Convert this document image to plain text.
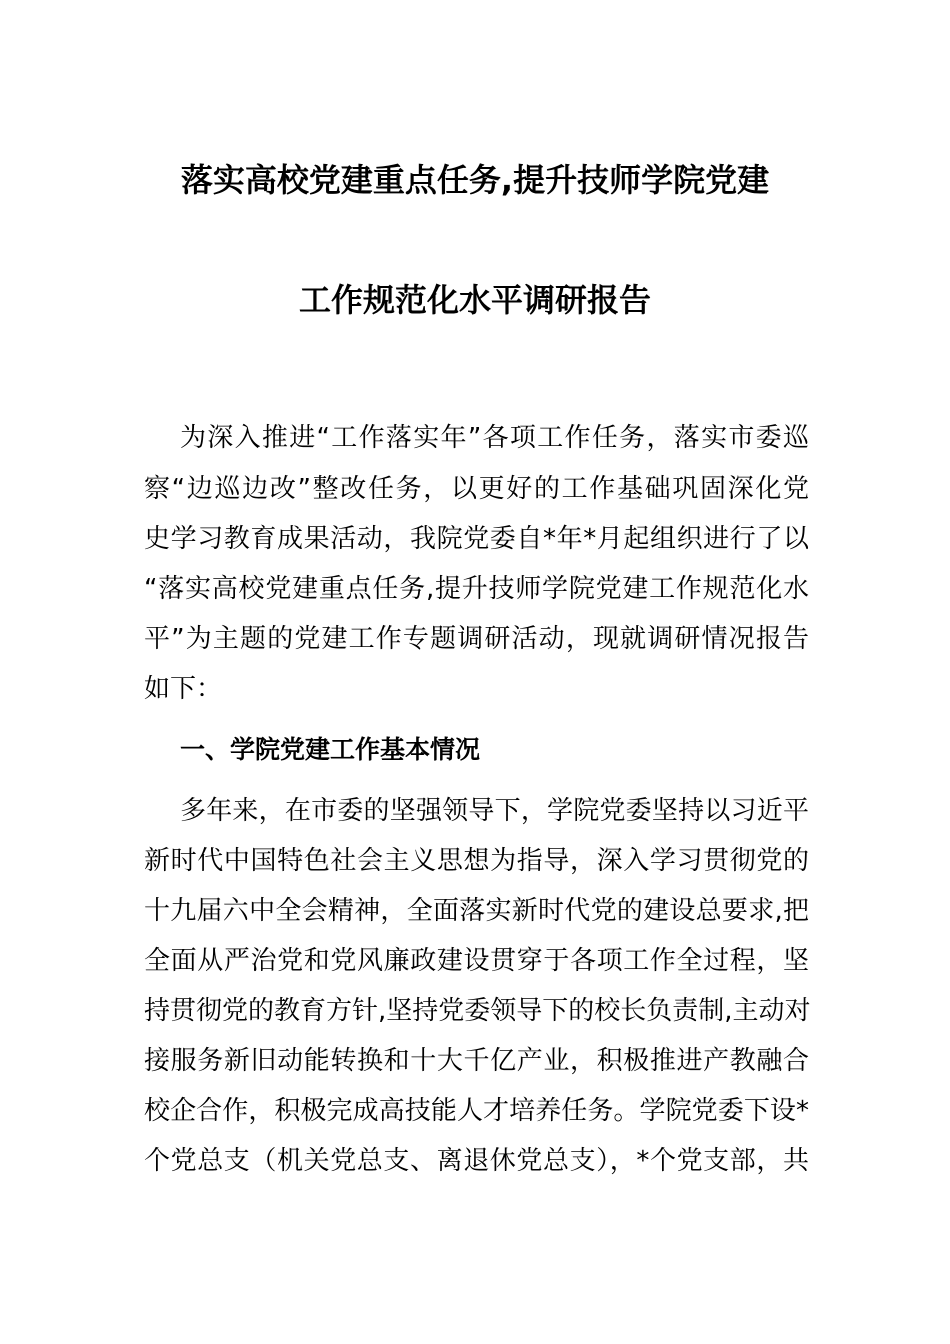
落实高校党建重点任务,提升技师学院党建
工作规范化水平调研报告
为深入推进“工作落实年”各项工作任务，落实市委巡
察“边巡边改”整改任务，以更好的工作基础巩固深化党
史学习教育成果活动，我院党委自*年*月起组织进行了以
“落实高校党建重点任务,提升技师学院党建工作规范化水
平”为主题的党建工作专题调研活动，现就调研情况报告
如下：
一、学院党建工作基本情况
多年来，在市委的坚强领导下，学院党委坚持以习近平
新时代中国特色社会主义思想为指导，深入学习贯彻党的
十九届六中全会精神，全面落实新时代党的建设总要求,把
全面从严治党和党风廉政建设贯穿于各项工作全过程，坚
持贯彻党的教育方针,坚持党委领导下的校长负责制,主动对
接服务新旧动能转换和十大千亿产业，积极推进产教融合
校企合作，积极完成高技能人才培养任务。学院党委下设*
个党总支（机关党总支、离退休党总支），*个党支部，共
